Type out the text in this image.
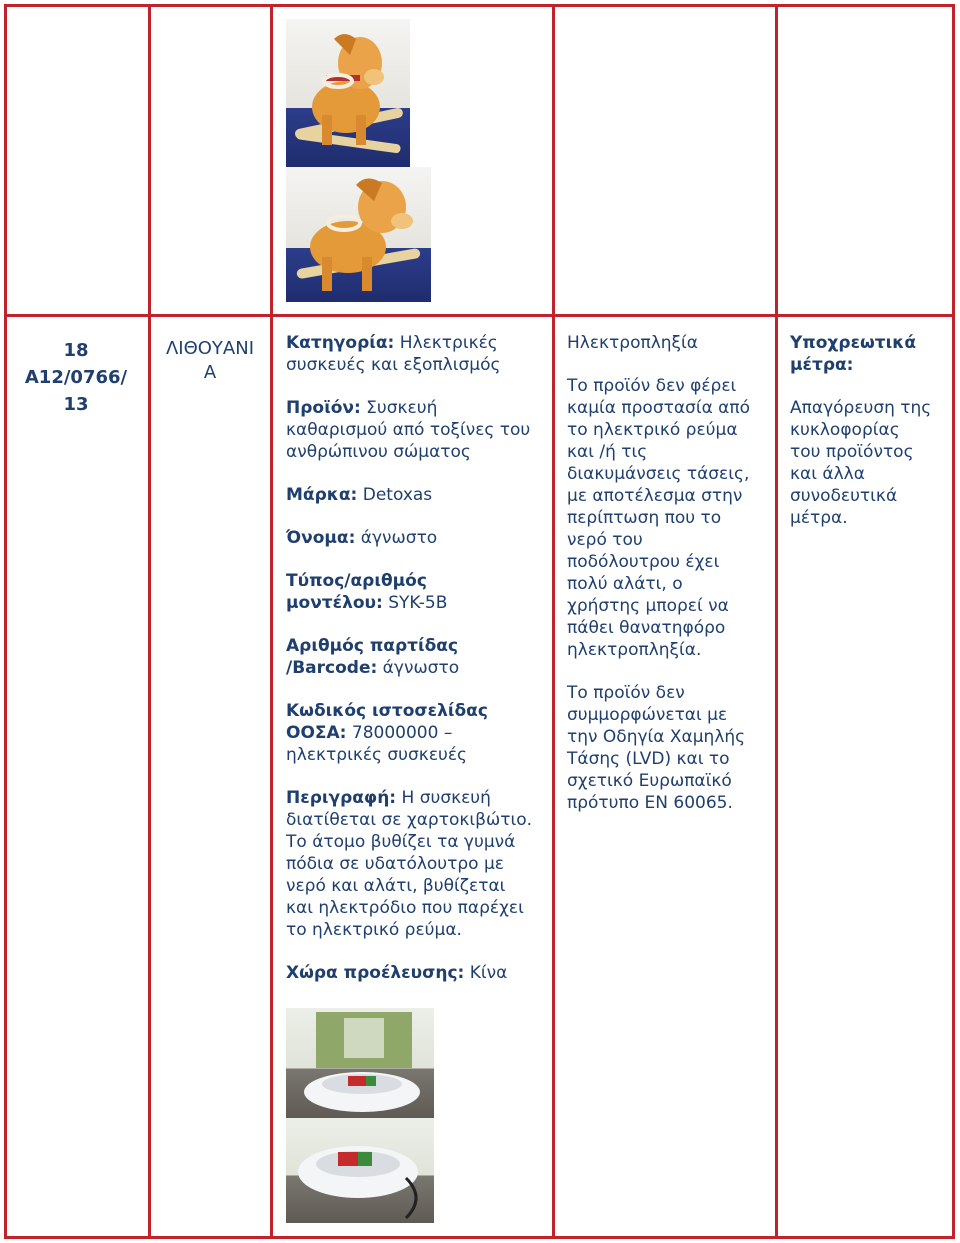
18
A12/0766/
13
ΛΙΘΟΥΑΝΙ
Α
Κατηγορία: Ηλεκτρικές
συσκευές και εξοπλισμός
Προϊόν: Συσκευή
καθαρισμού από τοξίνες του
ανθρώπινου σώματος
Μάρκα: Detoxas
Όνομα: άγνωστο
Τύπος/αριθμός
μοντέλου: SYK-5B
Αριθμός παρτίδας
/Barcode: άγνωστο
Κωδικός ιστοσελίδας
ΟΟΣΑ: 78000000 –
ηλεκτρικές συσκευές
Περιγραφή: Η συσκευή
διατίθεται σε χαρτοκιβώτιο.
Το άτομο βυθίζει τα γυμνά
πόδια σε υδατόλουτρο με
νερό και αλάτι, βυθίζεται
και ηλεκτρόδιο που παρέχει
το ηλεκτρικό ρεύμα.
Χώρα προέλευσης: Κίνα
Ηλεκτροπληξία
Το προϊόν δεν φέρει
καμία προστασία από
το ηλεκτρικό ρεύμα
και /ή τις
διακυμάνσεις τάσεις,
με αποτέλεσμα στην
περίπτωση που το
νερό του
ποδόλουτρου έχει
πολύ αλάτι, ο
χρήστης μπορεί να
πάθει θανατηφόρο
ηλεκτροπληξία.
Το προϊόν δεν
συμμορφώνεται με
την Οδηγία Χαμηλής
Τάσης (LVD) και το
σχετικό Ευρωπαϊκό
πρότυπο EN 60065.
Υποχρεωτικά
μέτρα:
Απαγόρευση της
κυκλοφορίας
του προϊόντος
και άλλα
συνοδευτικά
μέτρα.
